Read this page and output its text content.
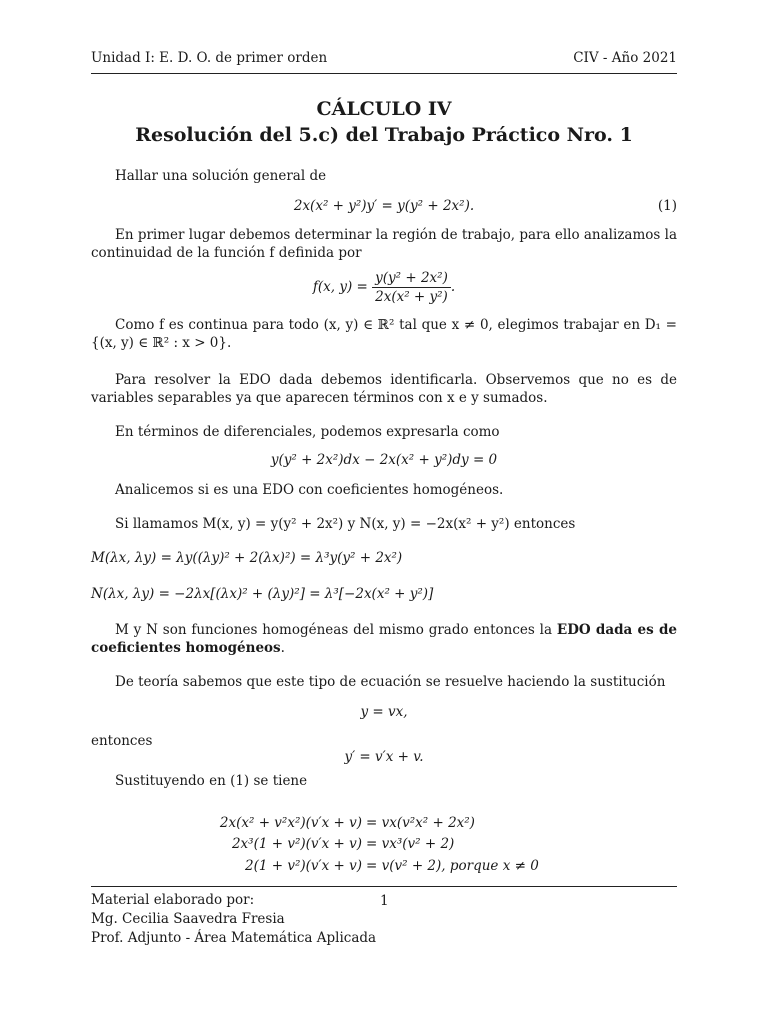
Unidad I: E. D. O. de primer orden	CIV - Año 2021
CÁLCULO IV
Resolución del 5.c) del Trabajo Práctico Nro. 1
Hallar una solución general de
2x(x² + y²)y′ = y(y² + 2x²).	(1)
En primer lugar debemos determinar la región de trabajo, para ello analizamos la continuidad de la función f definida por
f(x, $y) = \frac{\text{y(y² + 2x²)}}{\text{2x(x² + y²)}}$ .
Como f es continua para todo (x, y) ∈ ℝ² tal que x ≠ 0, elegimos trabajar en D₁ = {(x, y) ∈ ℝ² : x > 0}.
Para resolver la EDO dada debemos identificarla. Observemos que no es de variables separables ya que aparecen términos con x e y sumados.
En términos de diferenciales, podemos expresarla como
y(y² + 2x²)dx − 2x(x² + y²)dy = 0
Analicemos si es una EDO con coeficientes homogéneos.
Si llamamos M(x, y) = y(y² + 2x²) y N(x, y) = −2x(x² + y²) entonces
M(λx, λy) = λy((λy)² + 2(λx)²) = λ³y(y² + 2x²)
N(λx, λy) = −2λx[(λx)² + (λy)²] = λ³[−2x(x² + y²)]
M y N son funciones homogéneas del mismo grado entonces la EDO dada es de coeficientes homogéneos.
De teoría sabemos que este tipo de ecuación se resuelve haciendo la sustitución
y = vx,
entonces
y′ = v′x + v.
Sustituyendo en (1) se tiene
2x(x² + v²x²)(v′x + v) = vx(v²x² + 2x²)
2x³(1 + v²)(v′x + v) = vx³(v² + 2)
2(1 + v²)(v′x + v) = v(v² + 2), porque x ≠ 0
Material elaborado por:	1
Mg. Cecilia Saavedra Fresia
Prof. Adjunto - Área Matemática Aplicada
